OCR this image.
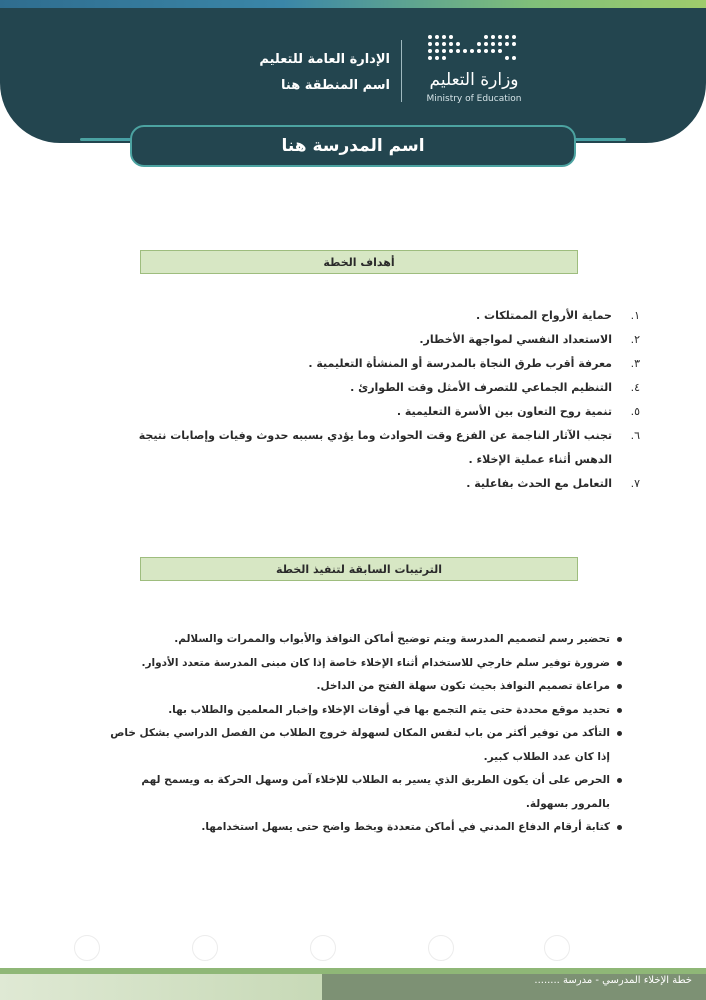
وزارة التعليم
Ministry of Education
الإدارة العامة للتعليم
اسم المنطقة هنا
اسم المدرسة هنا
أهداف الخطة
١.
حماية الأرواح الممتلكات .
٢.
الاستعداد النفسي لمواجهة الأخطار.
٣.
معرفة أقرب طرق النجاة بالمدرسة أو المنشأة التعليمية .
٤.
التنظيم الجماعي للتصرف الأمثل وقت الطوارئ .
٥.
تنمية روح التعاون بين الأسرة التعليمية .
٦.
تجنب الآثار الناجمة عن الفزع وقت الحوادث وما يؤدي بسببه حدوث وفيات وإصابات نتيجة الدهس أثناء عملية الإخلاء .
٧.
التعامل مع الحدث بفاعلية .
الترتيبات السابقة لتنفيذ الخطة
تحضير رسم لتصميم المدرسة ويتم توضيح أماكن النوافذ والأبواب والممرات والسلالم.
ضرورة توفير سلم خارجي للاستخدام أثناء الإخلاء خاصة إذا كان مبنى المدرسة متعدد الأدوار.
مراعاة تصميم النوافذ بحيث تكون سهلة الفتح من الداخل.
تحديد موقع محددة حتى يتم التجمع بها في أوقات الإخلاء وإخبار المعلمين والطلاب بها.
التأكد من توفير أكثر من باب لنفس المكان لسهولة خروج الطلاب من الفصل الدراسي بشكل خاص إذا كان عدد الطلاب كبير.
الحرص على أن يكون الطريق الذي يسير به الطلاب للإخلاء آمن وسهل الحركة به ويسمح لهم بالمرور بسهولة.
كتابة أرقام الدفاع المدني في أماكن متعددة وبخط واضح حتى يسهل استخدامها.
خطة الإخلاء المدرسي - مدرسة ........
